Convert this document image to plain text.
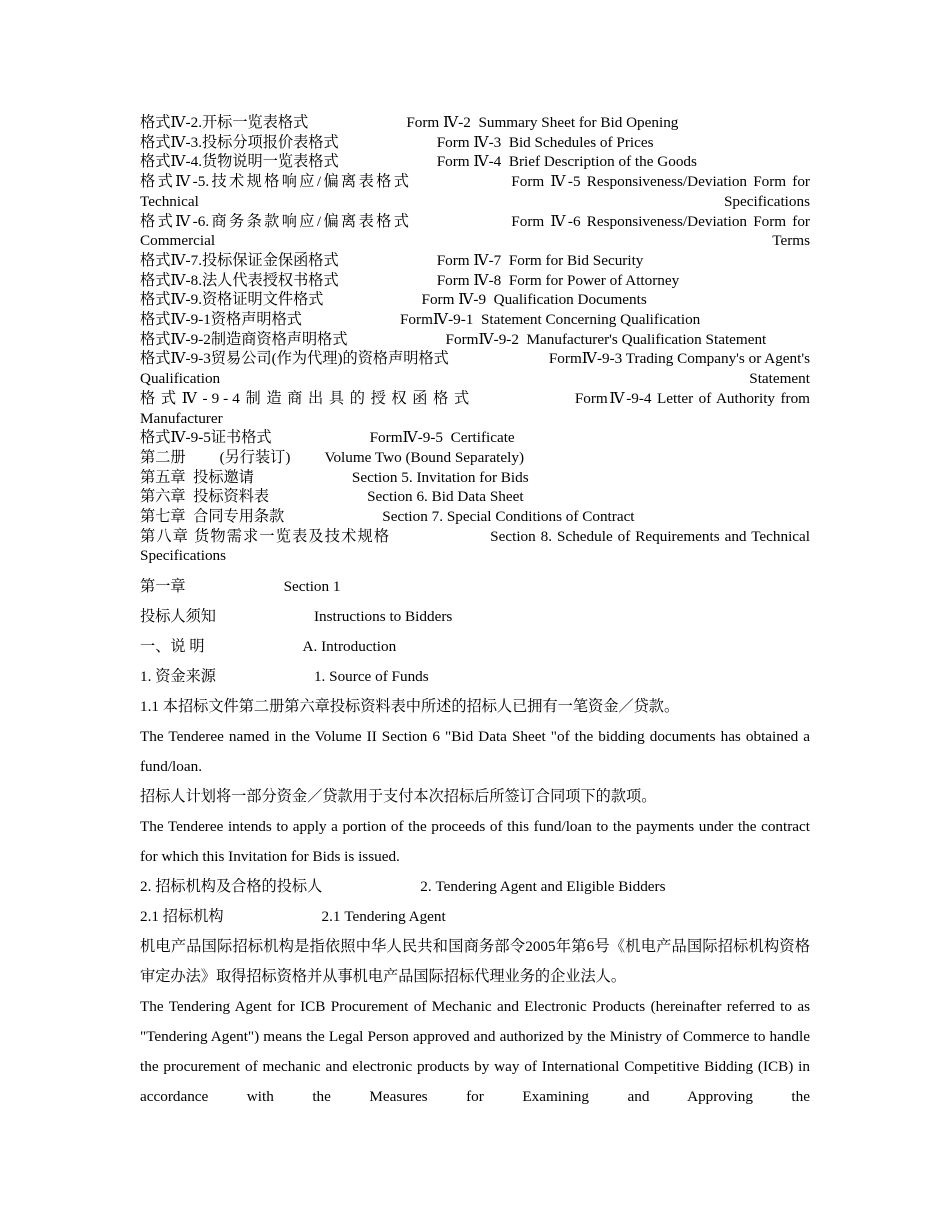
格式Ⅳ-2.开标一览表格式	Form Ⅳ-2  Summary Sheet for Bid Opening
格式Ⅳ-3.投标分项报价表格式	Form Ⅳ-3  Bid Schedules of Prices
格式Ⅳ-4.货物说明一览表格式	Form Ⅳ-4  Brief Description of the Goods
格式Ⅳ-5.技术规格响应/偏离表格式	Form Ⅳ-5 Responsiveness/Deviation Form for Technical Specifications
格式Ⅳ-6.商务条款响应/偏离表格式	Form Ⅳ-6 Responsiveness/Deviation Form for Commercial Terms
格式Ⅳ-7.投标保证金保函格式	Form Ⅳ-7  Form for Bid Security
格式Ⅳ-8.法人代表授权书格式	Form Ⅳ-8  Form for Power of Attorney
格式Ⅳ-9.资格证明文件格式	Form Ⅳ-9  Qualification Documents
格式Ⅳ-9-1资格声明格式	FormⅣ-9-1  Statement Concerning Qualification
格式Ⅳ-9-2制造商资格声明格式	FormⅣ-9-2  Manufacturer's Qualification Statement
格式Ⅳ-9-3贸易公司(作为代理)的资格声明格式	FormⅣ-9-3 Trading Company's or Agent's Qualification Statement
格式Ⅳ-9-4制造商出具的授权函格式	FormⅣ-9-4 Letter of Authority from Manufacturer
格式Ⅳ-9-5证书格式	FormⅣ-9-5  Certificate
第二册 (另行装订) Volume Two (Bound Separately)
第五章  投标邀请	Section 5. Invitation for Bids
第六章  投标资料表	Section 6. Bid Data Sheet
第七章  合同专用条款	Section 7. Special Conditions of Contract
第八章 货物需求一览表及技术规格	Section 8. Schedule of Requirements and Technical Specifications
第一章	Section 1
投标人须知	Instructions to Bidders
一、说 明	A. Introduction
1. 资金来源	1. Source of Funds
1.1 本招标文件第二册第六章投标资料表中所述的招标人已拥有一笔资金／贷款。
The Tenderee named in the Volume II Section 6 "Bid Data Sheet "of the bidding documents has obtained a fund/loan.
招标人计划将一部分资金／贷款用于支付本次招标后所签订合同项下的款项。
The Tenderee intends to apply a portion of the proceeds of this fund/loan to the payments under the contract for which this Invitation for Bids is issued.
2. 招标机构及合格的投标人	2. Tendering Agent and Eligible Bidders
2.1 招标机构	2.1 Tendering Agent
机电产品国际招标机构是指依照中华人民共和国商务部令2005年第6号《机电产品国际招标机构资格审定办法》取得招标资格并从事机电产品国际招标代理业务的企业法人。
The Tendering Agent for ICB Procurement of Mechanic and Electronic Products (hereinafter referred to as "Tendering Agent") means the Legal Person approved and authorized by the Ministry of Commerce to handle the procurement of mechanic and electronic products by way of International Competitive Bidding (ICB) in accordance with the Measures for Examining and Approving the
